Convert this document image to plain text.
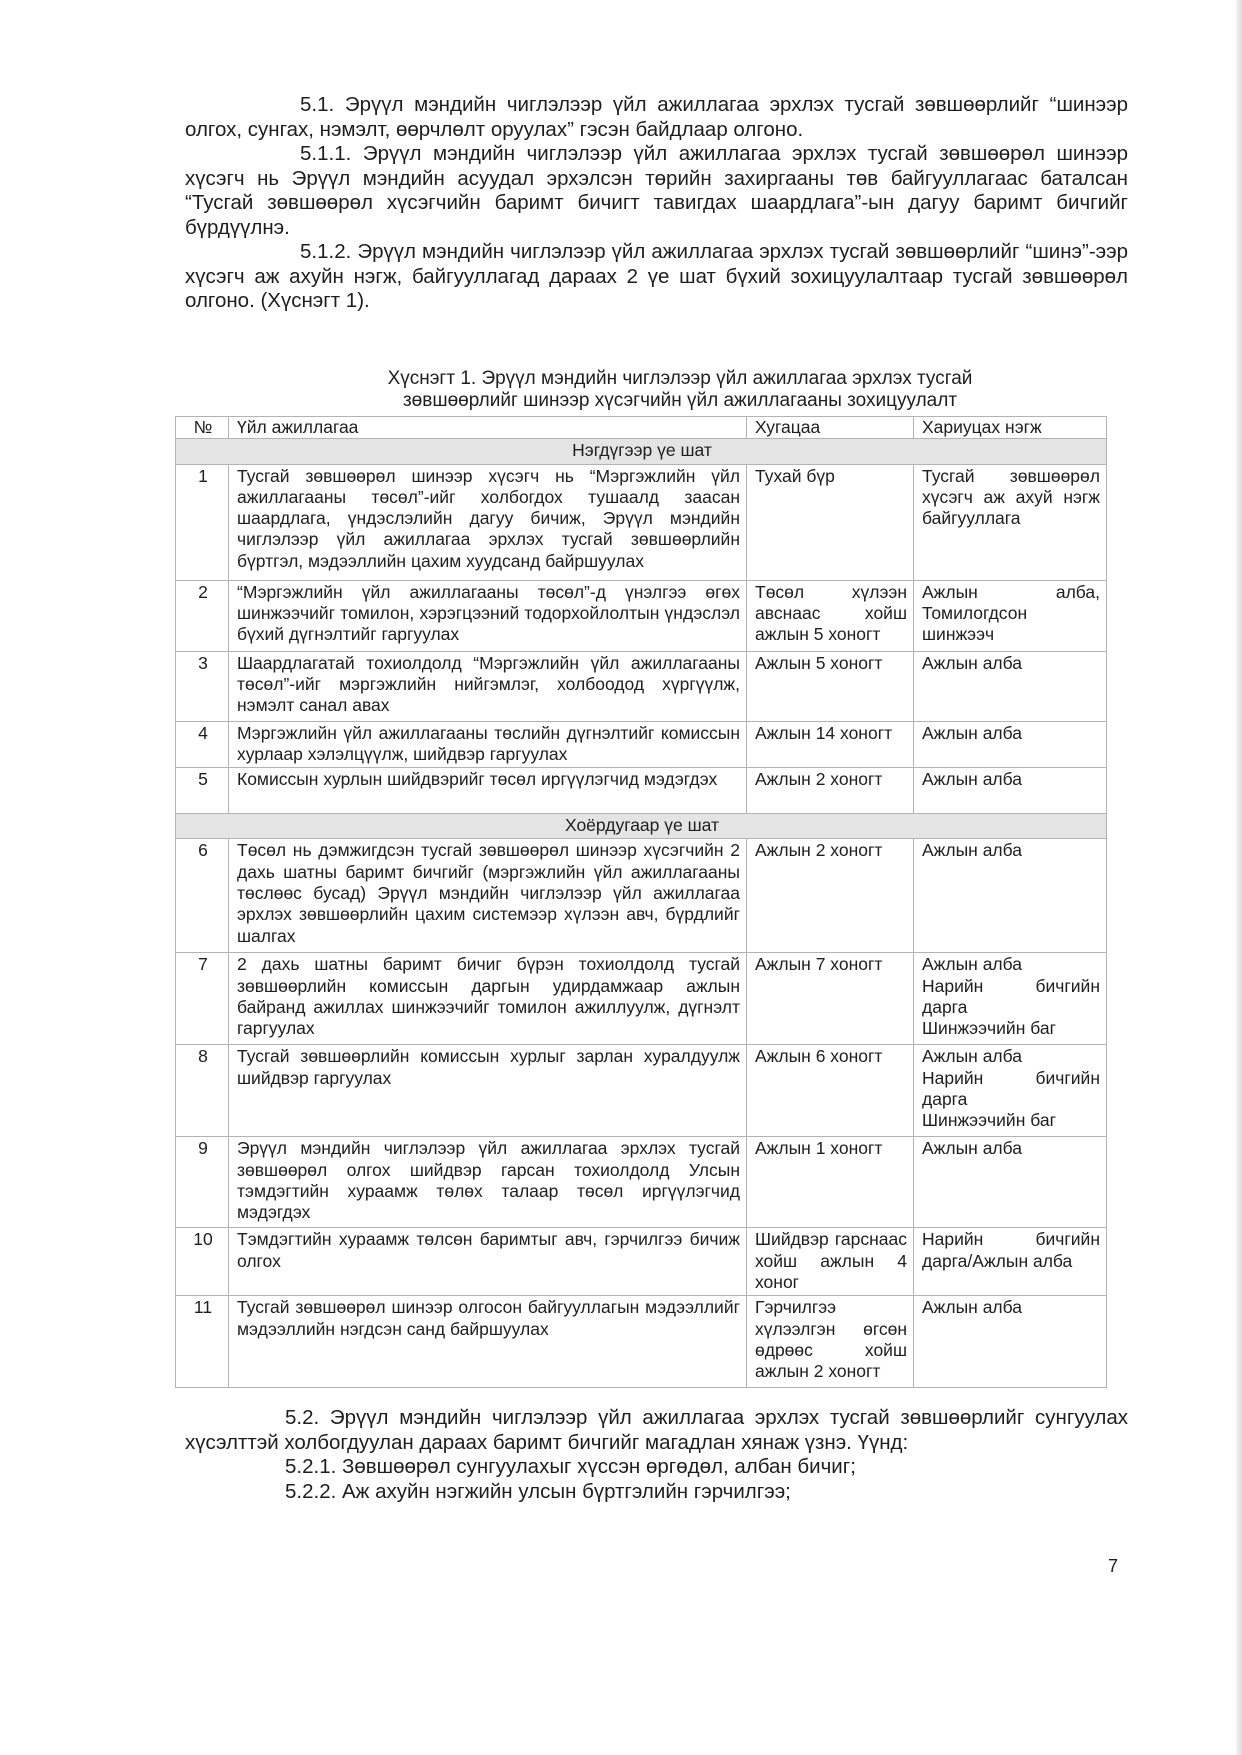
5.1. Эрүүл мэндийн чиглэлээр үйл ажиллагаа эрхлэх тусгай зөвшөөрлийг “шинээр олгох, сунгах, нэмэлт, өөрчлөлт оруулах” гэсэн байдлаар олгоно.

5.1.1. Эрүүл мэндийн чиглэлээр үйл ажиллагаа эрхлэх тусгай зөвшөөрөл шинээр хүсэгч нь Эрүүл мэндийн асуудал эрхэлсэн төрийн захиргааны төв байгууллагаас баталсан “Тусгай зөвшөөрөл хүсэгчийн баримт бичигт тавигдах шаардлага”-ын дагуу баримт бичгийг бүрдүүлнэ.

5.1.2. Эрүүл мэндийн чиглэлээр үйл ажиллагаа эрхлэх тусгай зөвшөөрлийг “шинэ”-ээр хүсэгч аж ахуйн нэгж, байгууллагад дараах 2 үе шат бүхий зохицуулалтаар тусгай зөвшөөрөл олгоно. (Хүснэгт 1).

Хүснэгт 1. Эрүүл мэндийн чиглэлээр үйл ажиллагаа эрхлэх тусгай

зөвшөөрлийг шинээр хүсэгчийн үйл ажиллагааны зохицуулалт

№	Үйл ажиллагаа	Хугацаа	Хариуцах нэгж
Нэгдүгээр үе шат			
1	Тусгай зөвшөөрөл шинээр хүсэгч нь “Мэргэжлийн үйл ажиллагааны төсөл”-ийг холбогдох тушаалд заасан шаардлага, үндэслэлийн дагуу бичиж, Эрүүл мэндийн чиглэлээр үйл ажиллагаа эрхлэх тусгай зөвшөөрлийн бүртгэл, мэдээллийн цахим хуудсанд байршуулах	Тухай бүр	Тусгай зөвшөөрөл хүсэгч аж ахуй нэгж байгууллага
2	“Мэргэжлийн үйл ажиллагааны төсөл”-д үнэлгээ өгөх шинжээчийг томилон, хэрэгцээний тодорхойлолтын үндэслэл бүхий дүгнэлтийг гаргуулах	Төсөл хүлээн авснаас хойш ажлын 5 хоногт	Ажлын алба, Томилогдсон шинжээч
3	Шаардлагатай тохиолдолд “Мэргэжлийн үйл ажиллагааны төсөл”-ийг мэргэжлийн нийгэмлэг, холбоодод хүргүүлж, нэмэлт санал авах	Ажлын 5 хоногт	Ажлын алба
4	Мэргэжлийн үйл ажиллагааны төслийн дүгнэлтийг комиссын хурлаар хэлэлцүүлж, шийдвэр гаргуулах	Ажлын 14 хоногт	Ажлын алба
5	Комиссын хурлын шийдвэрийг төсөл иргүүлэгчид мэдэгдэх	Ажлын 2 хоногт	Ажлын алба
Хоёрдугаар үе шат			
6	Төсөл нь дэмжигдсэн тусгай зөвшөөрөл шинээр хүсэгчийн 2 дахь шатны баримт бичгийг (мэргэжлийн үйл ажиллагааны төслөөс бусад) Эрүүл мэндийн чиглэлээр үйл ажиллагаа эрхлэх зөвшөөрлийн цахим системээр хүлээн авч, бүрдлийг шалгах	Ажлын 2 хоногт	Ажлын алба
7	2 дахь шатны баримт бичиг бүрэн тохиолдолд тусгай зөвшөөрлийн комиссын даргын удирдамжаар ажлын байранд ажиллах шинжээчийг томилон ажиллуулж, дүгнэлт гаргуулах	Ажлын 7 хоногт	Ажлын алба
Нарийн бичгийн дарга
Шинжээчийн баг

8	Тусгай зөвшөөрлийн комиссын хурлыг зарлан хуралдуулж шийдвэр гаргуулах	Ажлын 6 хоногт	Ажлын алба
Нарийн бичгийн дарга
Шинжээчийн баг

9	Эрүүл мэндийн чиглэлээр үйл ажиллагаа эрхлэх тусгай зөвшөөрөл олгох шийдвэр гарсан тохиолдолд Улсын тэмдэгтийн хураамж төлөх талаар төсөл иргүүлэгчид мэдэгдэх	Ажлын 1 хоногт	Ажлын алба
10	Тэмдэгтийн хураамж төлсөн баримтыг авч, гэрчилгээ бичиж олгох	Шийдвэр гарснаас хойш ажлын 4 хоног	Нарийн бичгийн дарга/Ажлын алба
11	Тусгай зөвшөөрөл шинээр олгосон байгууллагын мэдээллийг мэдээллийн нэгдсэн санд байршуулах	Гэрчилгээ хүлээлгэн өгсөн өдрөөс хойш ажлын 2 хоногт	Ажлын алба

5.2. Эрүүл мэндийн чиглэлээр үйл ажиллагаа эрхлэх тусгай зөвшөөрлийг сунгуулах хүсэлттэй холбогдуулан дараах баримт бичгийг магадлан хянаж үзнэ. Үүнд:

5.2.1. Зөвшөөрөл сунгуулахыг хүссэн өргөдөл, албан бичиг;

5.2.2. Аж ахуйн нэгжийн улсын бүртгэлийн гэрчилгээ;

7
